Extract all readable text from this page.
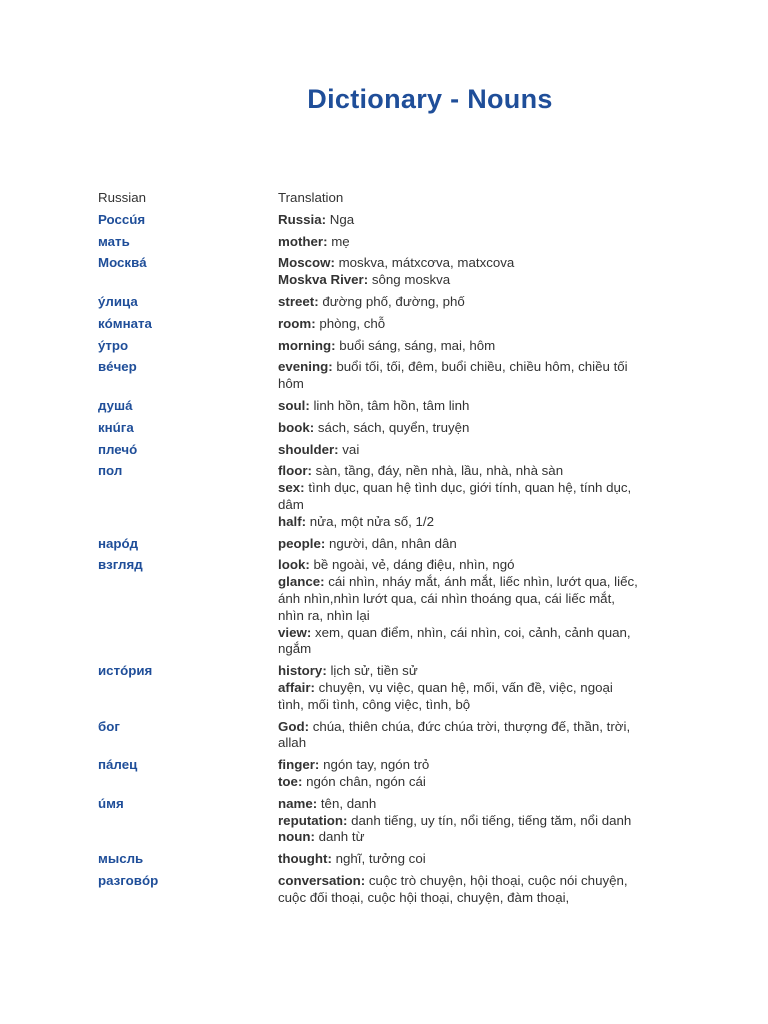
Dictionary - Nouns
Russian	Translation
Россúя	Russia: Nga

мать	mother: mẹ

Москвá	Moscow: moskva, mátxcơva, matxcova
Moskva River: sông moskva

ýлица	street: đường phố, đường, phố

кóмната	room: phòng, chỗ

ýтро	morning: buổi sáng, sáng, mai, hôm

вéчер	evening: buổi tối, tối, đêm, buổi chiều, chiều hôm, chiều tối hôm

душá	soul: linh hồn, tâm hồn, tâm linh

кнúга	book: sách, sách, quyển, truyện

плечó	shoulder: vai

пол	floor: sàn, tầng, đáy, nền nhà, lầu, nhà, nhà sàn
sex: tình dục, quan hệ tình dục, giới tính, quan hệ, tính dục, dâm
half: nửa, một nửa số, 1/2

нарóд	people: người, dân, nhân dân

взгляд	look: bề ngoài, vẻ, dáng điệu, nhìn, ngó
glance: cái nhìn, nháy mắt, ánh mắt, liếc nhìn, lướt qua, liếc, ánh nhìn,nhìn lướt qua, cái nhìn thoáng qua, cái liếc mắt, nhìn ra, nhìn lại
view: xem, quan điểm, nhìn, cái nhìn, coi, cảnh, cảnh quan, ngắm

истóрия	history: lịch sử, tiền sử
affair: chuyện, vụ việc, quan hệ, mối, vấn đề, việc, ngoại tình, mối tình, công việc, tình, bộ

бог	God: chúa, thiên chúa, đức chúa trời, thượng đế, thần, trời, allah

пáлец	finger: ngón tay, ngón trỏ
toe: ngón chân, ngón cái

úмя	name: tên, danh
reputation: danh tiếng, uy tín, nổi tiếng, tiếng tăm, nổi danh
noun: danh từ

мысль	thought: nghĩ, tưởng coi

разговóр	conversation: cuộc trò chuyện, hội thoại, cuộc nói chuyện, cuộc đối thoại, cuộc hội thoại, chuyện, đàm thoại,
